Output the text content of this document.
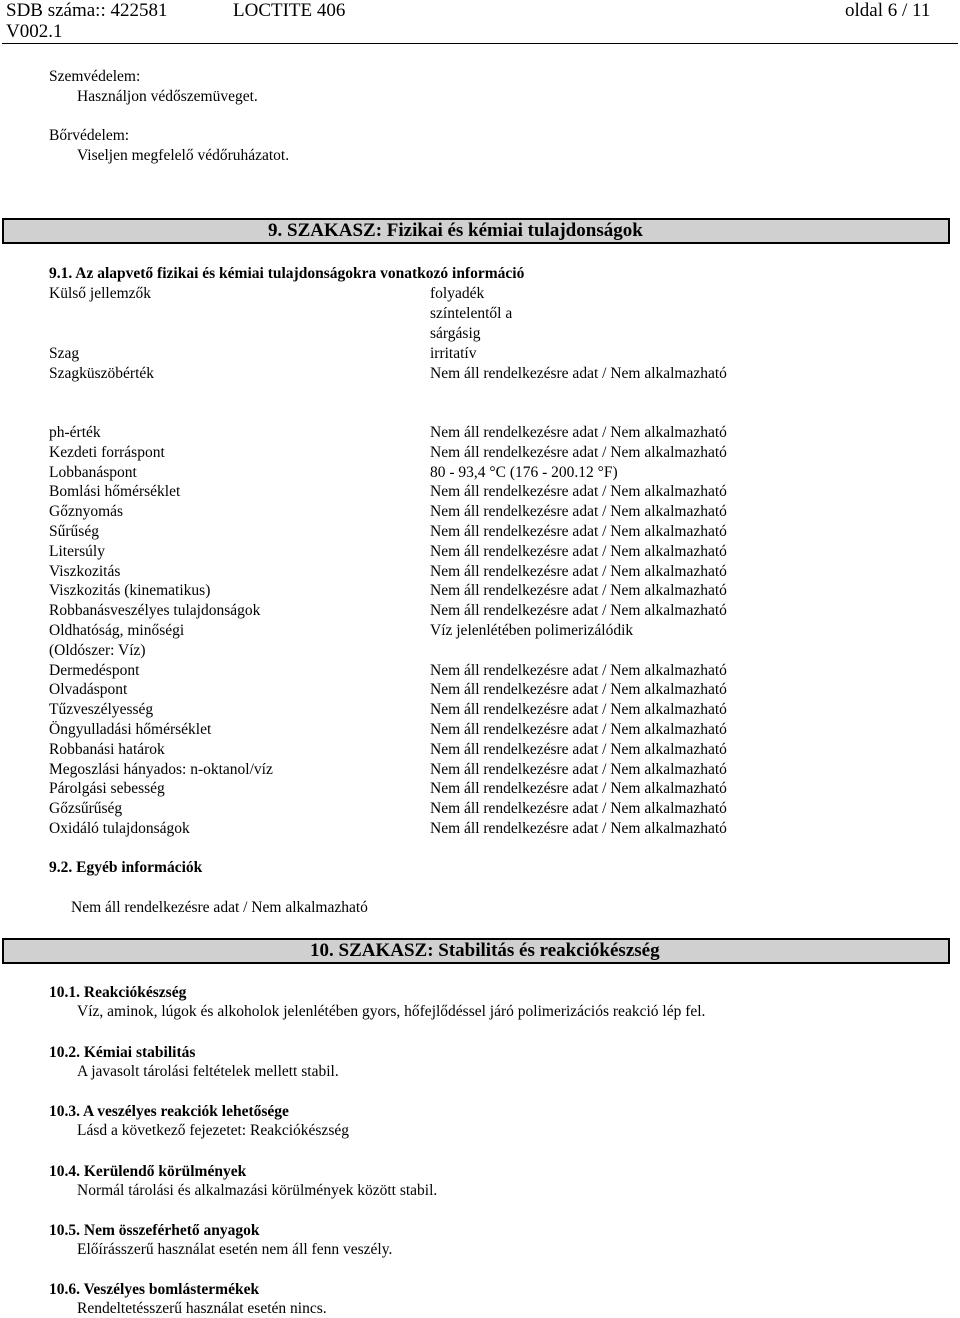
SDB száma:: 422581	LOCTITE 406	oldal 6 / 11
V002.1
Szemvédelem:
Használjon védőszemüveget.
Bőrvédelem:
Viseljen megfelelő védőruházatot.
9. SZAKASZ: Fizikai és kémiai tulajdonságok
9.1. Az alapvető fizikai és kémiai tulajdonságokra vonatkozó információ
Külső jellemzők	folyadék
színtelentől a
sárgásig
Szag	irritatív
Szagküszöbérték	Nem áll rendelkezésre adat / Nem alkalmazható
ph-érték	Nem áll rendelkezésre adat / Nem alkalmazható
Kezdeti forráspont	Nem áll rendelkezésre adat / Nem alkalmazható
Lobbanáspont	80 - 93,4 °C (176 - 200.12 °F)
Bomlási hőmérséklet	Nem áll rendelkezésre adat / Nem alkalmazható
Gőznyomás	Nem áll rendelkezésre adat / Nem alkalmazható
Sűrűség	Nem áll rendelkezésre adat / Nem alkalmazható
Litersúly	Nem áll rendelkezésre adat / Nem alkalmazható
Viszkozitás	Nem áll rendelkezésre adat / Nem alkalmazható
Viszkozitás (kinematikus)	Nem áll rendelkezésre adat / Nem alkalmazható
Robbanásveszélyes tulajdonságok	Nem áll rendelkezésre adat / Nem alkalmazható
Oldhatóság, minőségi	Víz jelenlétében polimerizálódik
(Oldószer: Víz)
Dermedéspont	Nem áll rendelkezésre adat / Nem alkalmazható
Olvadáspont	Nem áll rendelkezésre adat / Nem alkalmazható
Tűzveszélyesség	Nem áll rendelkezésre adat / Nem alkalmazható
Öngyulladási hőmérséklet	Nem áll rendelkezésre adat / Nem alkalmazható
Robbanási határok	Nem áll rendelkezésre adat / Nem alkalmazható
Megoszlási hányados: n-oktanol/víz	Nem áll rendelkezésre adat / Nem alkalmazható
Párolgási sebesség	Nem áll rendelkezésre adat / Nem alkalmazható
Gőzsűrűség	Nem áll rendelkezésre adat / Nem alkalmazható
Oxidáló tulajdonságok	Nem áll rendelkezésre adat / Nem alkalmazható
9.2. Egyéb információk
Nem áll rendelkezésre adat / Nem alkalmazható
10. SZAKASZ: Stabilitás és reakciókészség
10.1. Reakciókészség
Víz, aminok, lúgok és alkoholok jelenlétében gyors, hőfejlődéssel járó polimerizációs reakció lép fel.
10.2. Kémiai stabilitás
A javasolt tárolási feltételek mellett stabil.
10.3. A veszélyes reakciók lehetősége
Lásd a következő fejezetet: Reakciókészség
10.4. Kerülendő körülmények
Normál tárolási és alkalmazási körülmények között stabil.
10.5. Nem összeférhető anyagok
Előírásszerű használat esetén nem áll fenn veszély.
10.6. Veszélyes bomlástermékek
Rendeltetésszerű használat esetén nincs.
